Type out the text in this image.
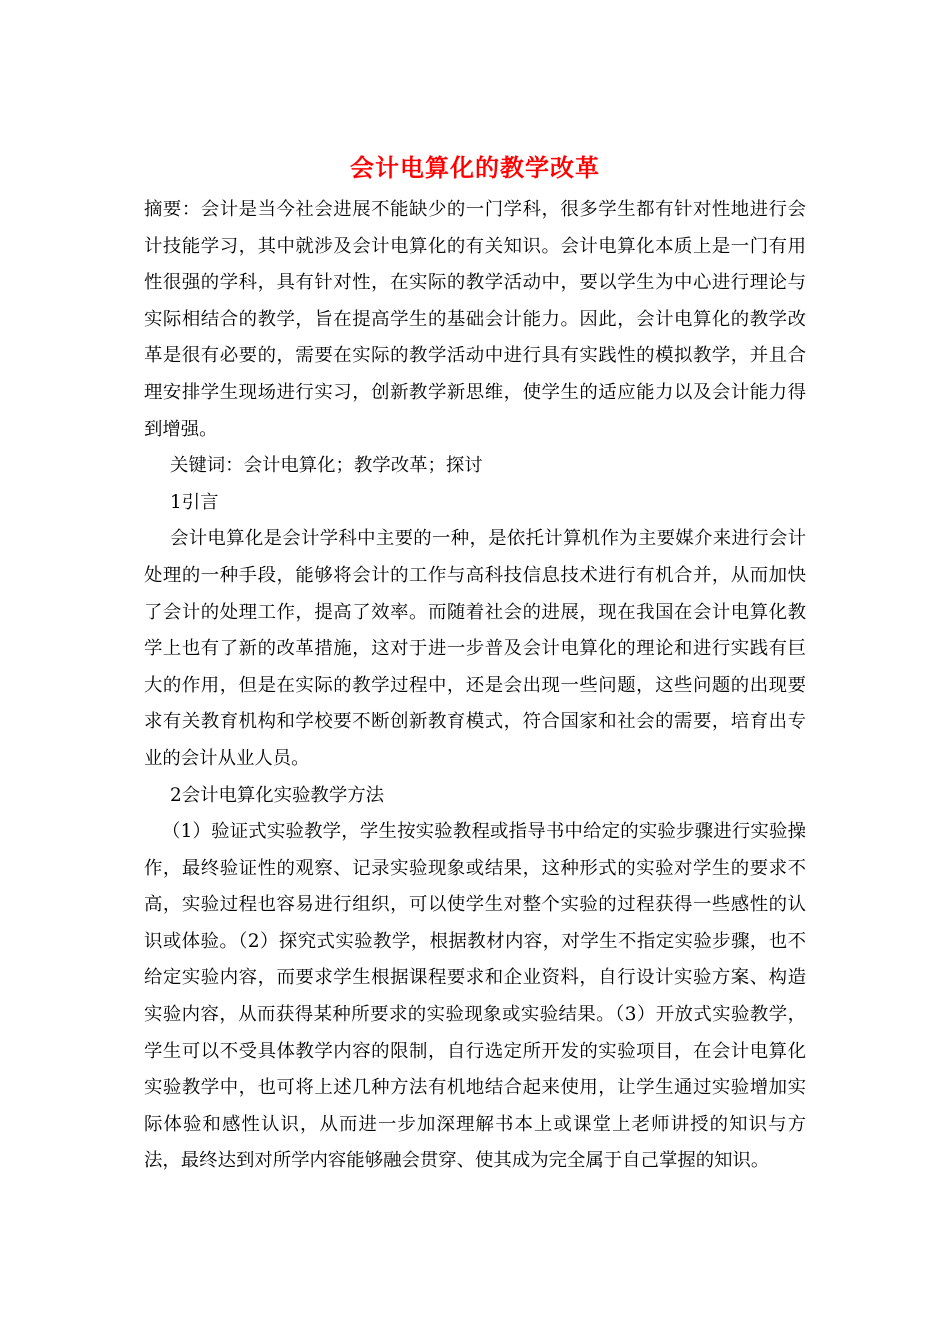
会计电算化的教学改革

摘要：会计是当今社会进展不能缺少的一门学科，很多学生都有针对性地进行会计技能学习，其中就涉及会计电算化的有关知识。会计电算化本质上是一门有用性很强的学科，具有针对性，在实际的教学活动中，要以学生为中心进行理论与实际相结合的教学，旨在提高学生的基础会计能力。因此，会计电算化的教学改革是很有必要的，需要在实际的教学活动中进行具有实践性的模拟教学，并且合理安排学生现场进行实习，创新教学新思维，使学生的适应能力以及会计能力得到增强。

关键词：会计电算化；教学改革；探讨

1引言

会计电算化是会计学科中主要的一种，是依托计算机作为主要媒介来进行会计处理的一种手段，能够将会计的工作与高科技信息技术进行有机合并，从而加快了会计的处理工作，提高了效率。而随着社会的进展，现在我国在会计电算化教学上也有了新的改革措施，这对于进一步普及会计电算化的理论和进行实践有巨大的作用，但是在实际的教学过程中，还是会出现一些问题，这些问题的出现要求有关教育机构和学校要不断创新教育模式，符合国家和社会的需要，培育出专业的会计从业人员。

2会计电算化实验教学方法

（1）验证式实验教学，学生按实验教程或指导书中给定的实验步骤进行实验操作，最终验证性的观察、记录实验现象或结果，这种形式的实验对学生的要求不高，实验过程也容易进行组织，可以使学生对整个实验的过程获得一些感性的认识或体验。（2）探究式实验教学，根据教材内容，对学生不指定实验步骤，也不给定实验内容，而要求学生根据课程要求和企业资料，自行设计实验方案、构造实验内容，从而获得某种所要求的实验现象或实验结果。（3）开放式实验教学，学生可以不受具体教学内容的限制，自行选定所开发的实验项目，在会计电算化实验教学中，也可将上述几种方法有机地结合起来使用，让学生通过实验增加实际体验和感性认识，从而进一步加深理解书本上或课堂上老师讲授的知识与方法，最终达到对所学内容能够融会贯穿、使其成为完全属于自己掌握的知识。
